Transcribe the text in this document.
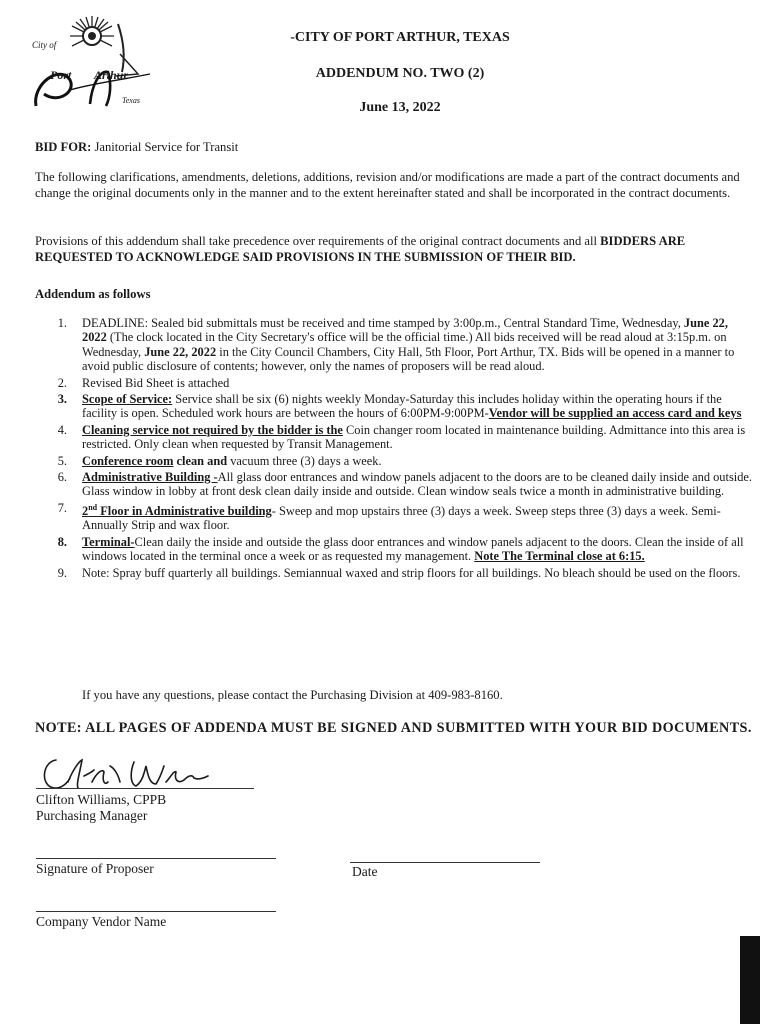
City of
Port Arthur
Texas
-CITY OF PORT ARTHUR, TEXAS
ADDENDUM NO. TWO (2)
June 13, 2022
BID FOR: Janitorial Service for Transit
The following clarifications, amendments, deletions, additions, revision and/or modifications are made a part of the contract documents and change the original documents only in the manner and to the extent hereinafter stated and shall be incorporated in the contract documents.
Provisions of this addendum shall take precedence over requirements of the original contract documents and all BIDDERS ARE REQUESTED TO ACKNOWLEDGE SAID PROVISIONS IN THE SUBMISSION OF THEIR BID.
Addendum as follows
1. DEADLINE: Sealed bid submittals must be received and time stamped by 3:00p.m., Central Standard Time, Wednesday, June 22, 2022 (The clock located in the City Secretary's office will be the official time.) All bids received will be read aloud at 3:15p.m. on Wednesday, June 22, 2022 in the City Council Chambers, City Hall, 5th Floor, Port Arthur, TX. Bids will be opened in a manner to avoid public disclosure of contents; however, only the names of proposers will be read aloud.
2. Revised Bid Sheet is attached
3. Scope of Service: Service shall be six (6) nights weekly Monday-Saturday this includes holiday within the operating hours if the facility is open. Scheduled work hours are between the hours of 6:00PM-9:00PM-Vendor will be supplied an access card and keys
4. Cleaning service not required by the bidder is the Coin changer room located in maintenance building. Admittance into this area is restricted. Only clean when requested by Transit Management.
5. Conference room clean and vacuum three (3) days a week.
6. Administrative Building -All glass door entrances and window panels adjacent to the doors are to be cleaned daily inside and outside. Glass window in lobby at front desk clean daily inside and outside. Clean window seals twice a month in administrative building.
7. 2nd Floor in Administrative building- Sweep and mop upstairs three (3) days a week. Sweep steps three (3) days a week. Semi-Annually Strip and wax floor.
8. Terminal-Clean daily the inside and outside the glass door entrances and window panels adjacent to the doors. Clean the inside of all windows located in the terminal once a week or as requested my management. Note The Terminal close at 6:15.
9. Note: Spray buff quarterly all buildings. Semiannual waxed and strip floors for all buildings. No bleach should be used on the floors.
If you have any questions, please contact the Purchasing Division at 409-983-8160.
NOTE: ALL PAGES OF ADDENDA MUST BE SIGNED AND SUBMITTED WITH YOUR BID DOCUMENTS.
Clifton Williams, CPPB
Purchasing Manager
Signature of Proposer	Date
Company Vendor Name
